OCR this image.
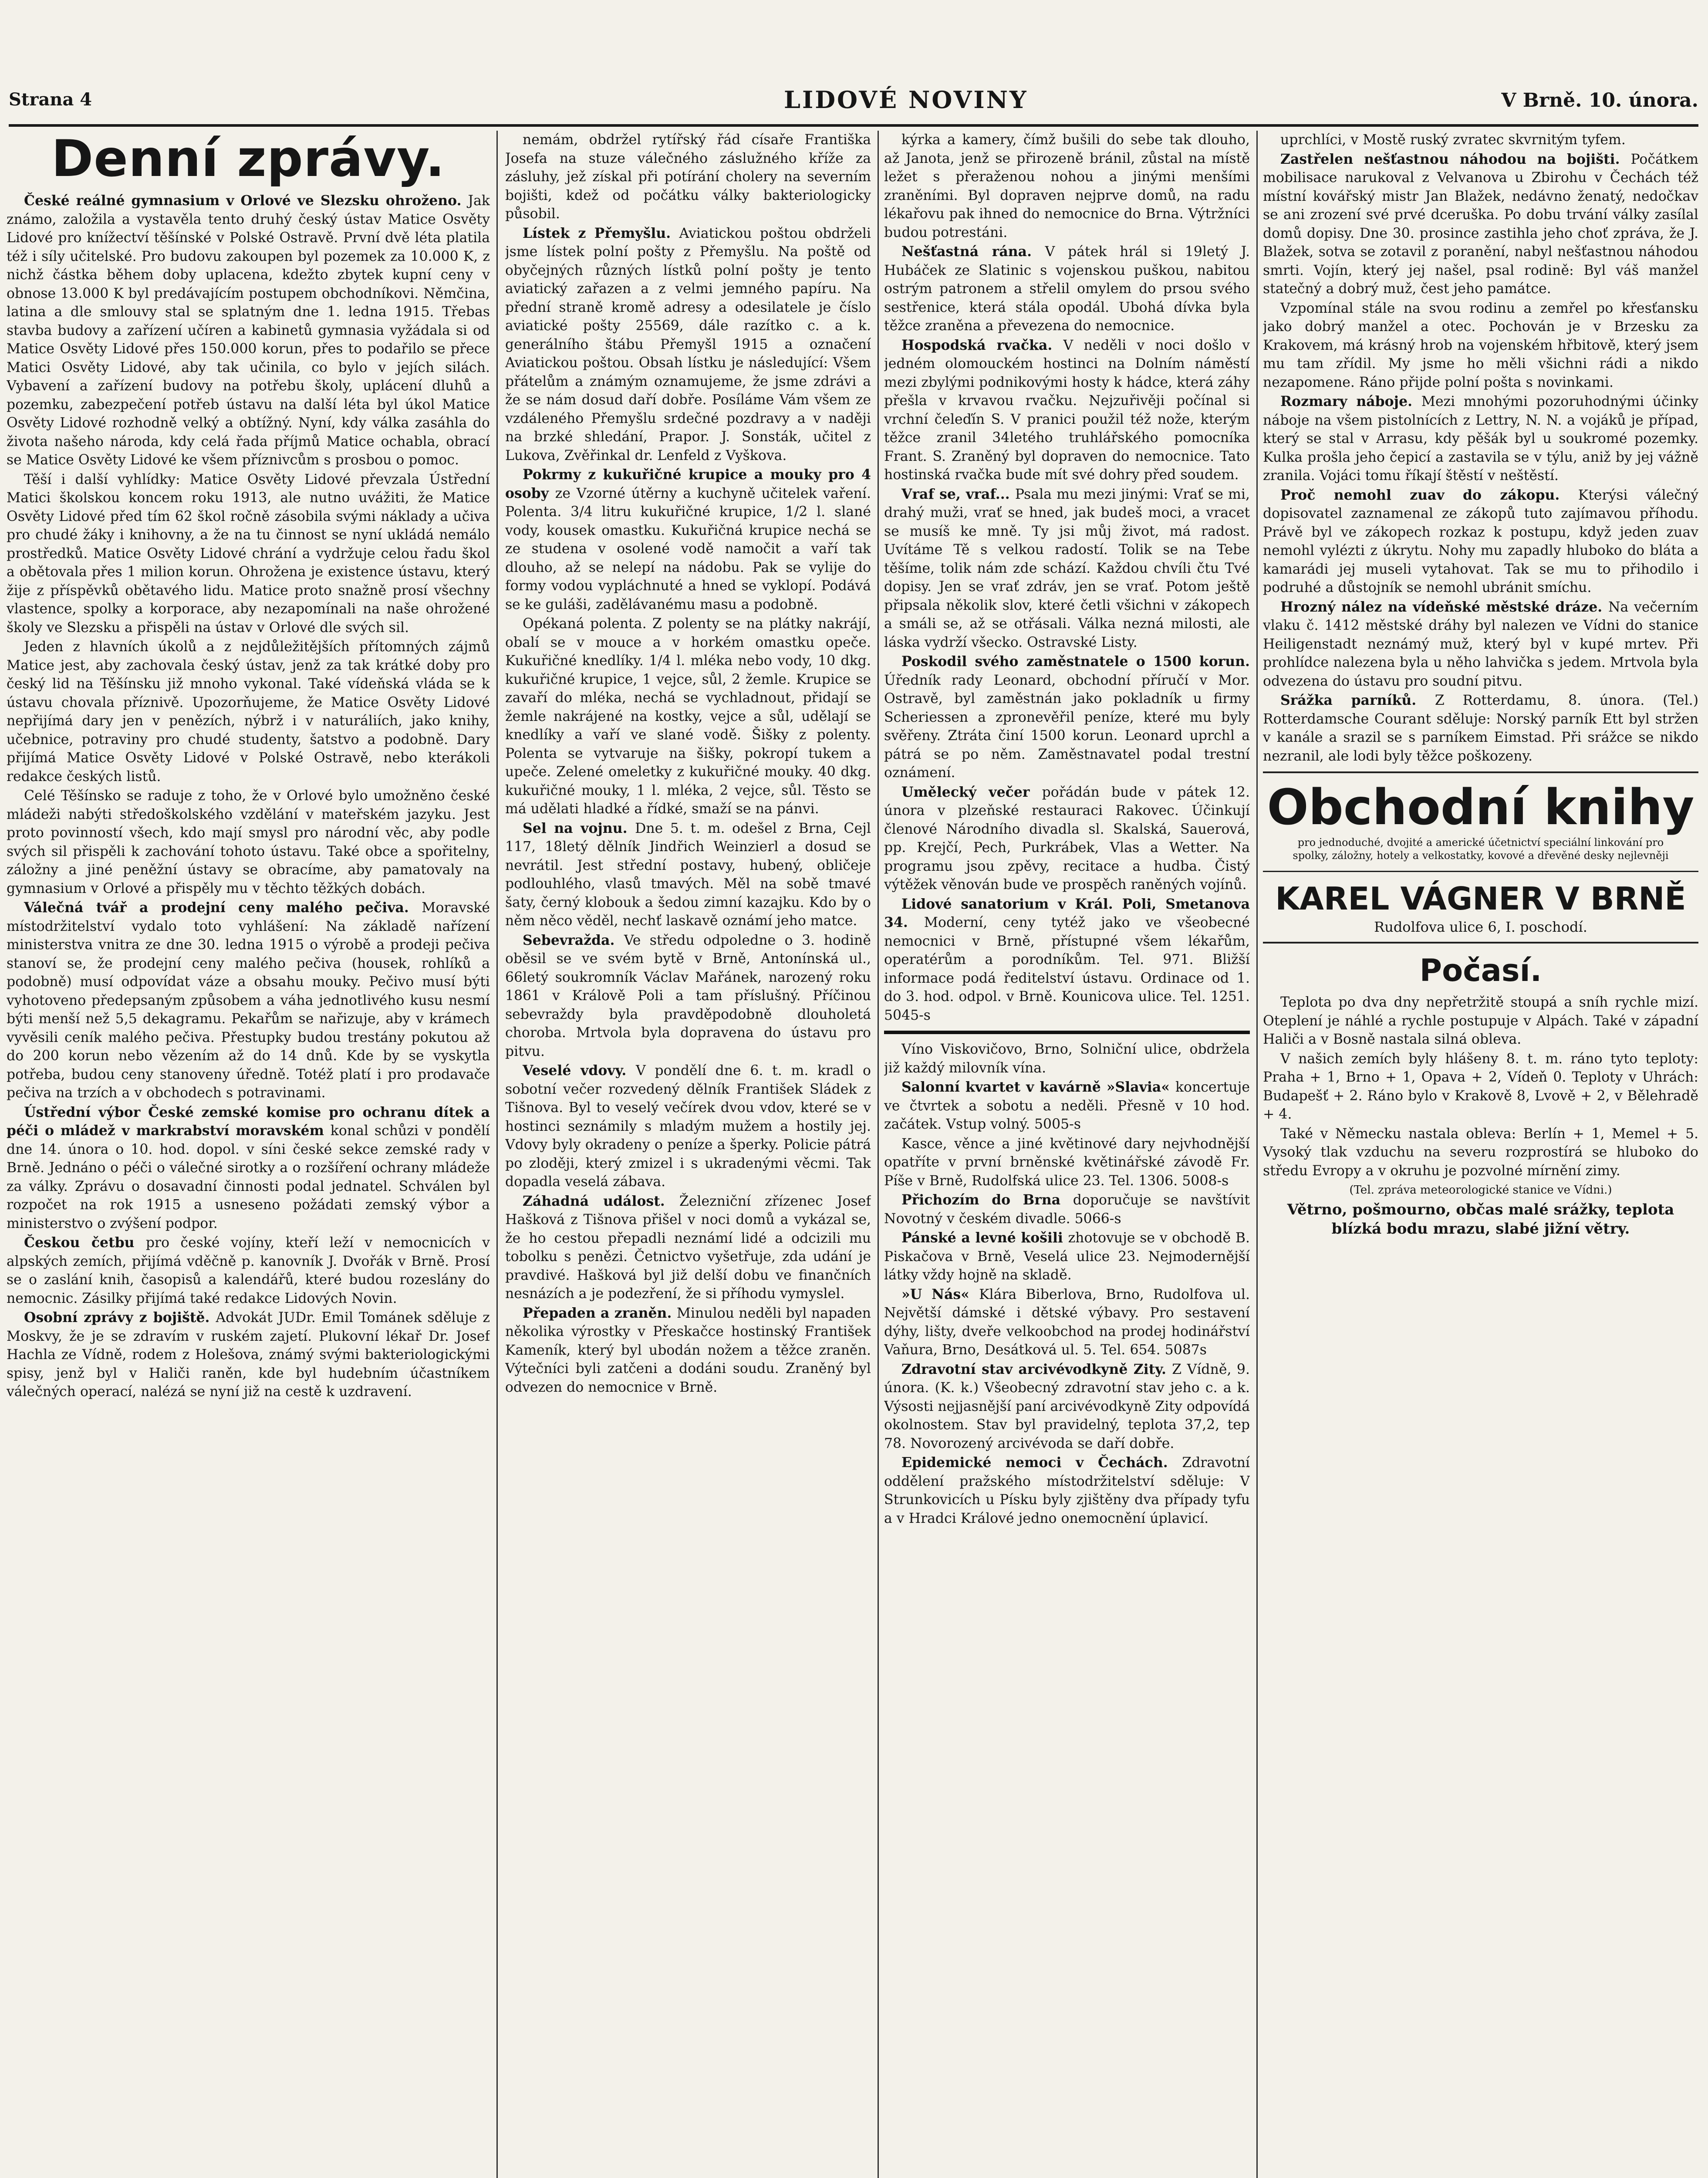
Strana 4	LIDOVÉ NOVINY	V Brně. 10. února.
Denní zprávy.

České reálné gymnasium v Orlové ve Slezsku ohroženo. Jak známo, založila a vystavěla tento druhý český ústav Matice Osvěty Lidové pro knížectví těšínské v Polské Ostravě. První dvě léta platila též i síly učitelské. Pro budovu zakoupen byl pozemek za 10.000 K, z nichž částka během doby uplacena, kdežto zbytek kupní ceny v obnose 13.000 K byl predávajícím postupem obchodníkovi. Němčina, latina a dle smlouvy stal se splatným dne 1. ledna 1915. Třebas stavba budovy a zařízení učíren a kabinetů gymnasia vyžádala si od Matice Osvěty Lidové přes 150.000 korun, přes to podařilo se přece Matici Osvěty Lidové, aby tak učinila, co bylo v jejích silách. Vybavení a zařízení budovy na potřebu školy, uplácení dluhů a pozemku, zabezpečení potřeb ústavu na další léta byl úkol Matice Osvěty Lidové rozhodně velký a obtížný. Nyní, kdy válka zasáhla do života našeho národa, kdy celá řada příjmů Matice ochabla, obrací se Matice Osvěty Lidové ke všem příznivcům s prosbou o pomoc.

Těší i další vyhlídky: Matice Osvěty Lidové převzala Ústřední Matici školskou koncem roku 1913, ale nutno uvážiti, že Matice Osvěty Lidové před tím 62 škol ročně zásobila svými náklady a učiva pro chudé žáky i knihovny, a že na tu činnost se nyní ukládá nemálo prostředků. Matice Osvěty Lidové chrání a vydržuje celou řadu škol a obětovala přes 1 milion korun. Ohrožena je existence ústavu, který žije z příspěvků obětavého lidu. Matice proto snažně prosí všechny vlastence, spolky a korporace, aby nezapomínali na naše ohrožené školy ve Slezsku a přispěli na ústav v Orlové dle svých sil.

Jeden z hlavních úkolů a z nejdůležitějších přítomných zájmů Matice jest, aby zachovala český ústav, jenž za tak krátké doby pro český lid na Těšínsku již mnoho vykonal. Také vídeňská vláda se k ústavu chovala příznivě. Upozorňujeme, že Matice Osvěty Lidové nepřijímá dary jen v penězích, nýbrž i v naturáliích, jako knihy, učebnice, potraviny pro chudé studenty, šatstvo a podobně. Dary přijímá Matice Osvěty Lidové v Polské Ostravě, nebo kterákoli redakce českých listů.

Celé Těšínsko se raduje z toho, že v Orlové bylo umožněno české mládeži nabýti středoškolského vzdělání v mateřském jazyku. Jest proto povinností všech, kdo mají smysl pro národní věc, aby podle svých sil přispěli k zachování tohoto ústavu. Také obce a spořitelny, záložny a jiné peněžní ústavy se obracíme, aby pamatovaly na gymnasium v Orlové a přispěly mu v těchto těžkých dobách.

Válečná tvář a prodejní ceny malého pečiva. Moravské místodržitelství vydalo toto vyhlášení: Na základě nařízení ministerstva vnitra ze dne 30. ledna 1915 o výrobě a prodeji pečiva stanoví se, že prodejní ceny malého pečiva (housek, rohlíků a podobně) musí odpovídat váze a obsahu mouky. Pečivo musí býti vyhotoveno předepsaným způsobem a váha jednotlivého kusu nesmí býti menší než 5,5 dekagramu. Pekařům se nařizuje, aby v krámech vyvěsili ceník malého pečiva. Přestupky budou trestány pokutou až do 200 korun nebo vězením až do 14 dnů. Kde by se vyskytla potřeba, budou ceny stanoveny úředně. Totéž platí i pro prodavače pečiva na trzích a v obchodech s potravinami.

Ústřední výbor České zemské komise pro ochranu dítek a péči o mládež v markrabství moravském konal schůzi v pondělí dne 14. února o 10. hod. dopol. v síni české sekce zemské rady v Brně. Jednáno o péči o válečné sirotky a o rozšíření ochrany mládeže za války. Zprávu o dosavadní činnosti podal jednatel. Schválen byl rozpočet na rok 1915 a usneseno požádati zemský výbor a ministerstvo o zvýšení podpor.

Českou četbu pro české vojíny, kteří leží v nemocnicích v alpských zemích, přijímá vděčně p. kanovník J. Dvořák v Brně. Prosí se o zaslání knih, časopisů a kalendářů, které budou rozeslány do nemocnic. Zásilky přijímá také redakce Lidových Novin.

Osobní zprávy z bojiště. Advokát JUDr. Emil Tománek sděluje z Moskvy, že je se zdravím v ruském zajetí. Plukovní lékař Dr. Josef Hachla ze Vídně, rodem z Holešova, známý svými bakteriologickými spisy, jenž byl v Haliči raněn, kde byl hudebním účastníkem válečných operací, nalézá se nyní již na cestě k uzdravení.

nemám, obdržel rytířský řád císaře Františka Josefa na stuze válečného záslužného kříže za zásluhy, jež získal při potírání cholery na severním bojišti, kdež od počátku války bakteriologicky působil.

Lístek z Přemyšlu. Aviatickou poštou obdrželi jsme lístek polní pošty z Přemyšlu. Na poště od obyčejných různých lístků polní pošty je tento aviatický zařazen a z velmi jemného papíru. Na přední straně kromě adresy a odesilatele je číslo aviatické pošty 25569, dále razítko c. a k. generálního štábu Přemyšl 1915 a označení Aviatickou poštou. Obsah lístku je následující: Všem přátelům a známým oznamujeme, že jsme zdrávi a že se nám dosud daří dobře. Posíláme Vám všem ze vzdáleného Přemyšlu srdečné pozdravy a v naději na brzké shledání, Prapor. J. Sonsták, učitel z Lukova, Zvěřinkal dr. Lenfeld z Vyškova.

Pokrmy z kukuřičné krupice a mouky pro 4 osoby ze Vzorné útěrny a kuchyně učitelek vaření. Polenta. 3/4 litru kukuřičné krupice, 1/2 l. slané vody, kousek omastku. Kukuřičná krupice nechá se ze studena v osolené vodě namočit a vaří tak dlouho, až se nelepí na nádobu. Pak se vylije do formy vodou vypláchnuté a hned se vyklopí. Podává se ke guláši, zadělávanému masu a podobně.

Opékaná polenta. Z polenty se na plátky nakrájí, obalí se v mouce a v horkém omastku opeče. Kukuřičné knedlíky. 1/4 l. mléka nebo vody, 10 dkg. kukuřičné krupice, 1 vejce, sůl, 2 žemle. Krupice se zavaří do mléka, nechá se vychladnout, přidají se žemle nakrájené na kostky, vejce a sůl, udělají se knedlíky a vaří ve slané vodě. Šišky z polenty. Polenta se vytvaruje na šišky, pokropí tukem a upeče. Zelené omeletky z kukuřičné mouky. 40 dkg. kukuřičné mouky, 1 l. mléka, 2 vejce, sůl. Těsto se má udělati hladké a řídké, smaží se na pánvi.

Sel na vojnu. Dne 5. t. m. odešel z Brna, Cejl 117, 18letý dělník Jindřich Weinzierl a dosud se nevrátil. Jest střední postavy, hubený, obličeje podlouhlého, vlasů tmavých. Měl na sobě tmavé šaty, černý klobouk a šedou zimní kazajku. Kdo by o něm něco věděl, nechť laskavě oznámí jeho matce.

Sebevražda. Ve středu odpoledne o 3. hodině oběsil se ve svém bytě v Brně, Antonínská ul., 66letý soukromník Václav Mařánek, narozený roku 1861 v Králově Poli a tam příslušný. Příčinou sebevraždy byla pravděpodobně dlouholetá choroba. Mrtvola byla dopravena do ústavu pro pitvu.

Veselé vdovy. V pondělí dne 6. t. m. kradl o sobotní večer rozvedený dělník František Sládek z Tišnova. Byl to veselý večírek dvou vdov, které se v hostinci seznámily s mladým mužem a hostily jej. Vdovy byly okradeny o peníze a šperky. Policie pátrá po zloději, který zmizel i s ukradenými věcmi. Tak dopadla veselá zábava.

Záhadná událost. Železniční zřízenec Josef Hašková z Tišnova přišel v noci domů a vykázal se, že ho cestou přepadli neznámí lidé a odcizili mu tobolku s penězi. Četnictvo vyšetřuje, zda udání je pravdivé. Hašková byl již delší dobu ve finančních nesnázích a je podezření, že si příhodu vymyslel.

Přepaden a zraněn. Minulou neděli byl napaden několika výrostky v Přeskačce hostinský František Kameník, který byl ubodán nožem a těžce zraněn. Výtečníci byli zatčeni a dodáni soudu. Zraněný byl odvezen do nemocnice v Brně.

kýrka a kamery, čímž bušili do sebe tak dlouho, až Janota, jenž se přirozeně bránil, zůstal na místě ležet s přeraženou nohou a jinými menšími zraněními. Byl dopraven nejprve domů, na radu lékařovu pak ihned do nemocnice do Brna. Výtržníci budou potrestáni.

Nešťastná rána. V pátek hrál si 19letý J. Hubáček ze Slatinic s vojenskou puškou, nabitou ostrým patronem a střelil omylem do prsou svého sestřenice, která stála opodál. Ubohá dívka byla těžce zraněna a převezena do nemocnice.

Hospodská rvačka. V neděli v noci došlo v jedném olomouckém hostinci na Dolním náměstí mezi zbylými podnikovými hosty k hádce, která záhy přešla v krvavou rvačku. Nejzuřivěji počínal si vrchní čeleďín S. V pranici použil též nože, kterým těžce zranil 34letého truhlářského pomocníka Frant. S. Zraněný byl dopraven do nemocnice. Tato hostinská rvačka bude mít své dohry před soudem.

Vraf se, vraf... Psala mu mezi jinými: Vrať se mi, drahý muži, vrať se hned, jak budeš moci, a vracet se musíš ke mně. Ty jsi můj život, má radost. Uvítáme Tě s velkou radostí. Tolik se na Tebe těšíme, tolik nám zde schází. Každou chvíli čtu Tvé dopisy. Jen se vrať zdráv, jen se vrať. Potom ještě připsala několik slov, které četli všichni v zákopech a smáli se, až se otřásali. Válka nezná milosti, ale láska vydrží všecko. Ostravské Listy.

Poskodil svého zaměstnatele o 1500 korun. Úředník rady Leonard, obchodní příručí v Mor. Ostravě, byl zaměstnán jako pokladník u firmy Scheriessen a zpronevěřil peníze, které mu byly svěřeny. Ztráta činí 1500 korun. Leonard uprchl a pátrá se po něm. Zaměstnavatel podal trestní oznámení.

Umělecký večer pořádán bude v pátek 12. února v plzeňské restauraci Rakovec. Účinkují členové Národního divadla sl. Skalská, Sauerová, pp. Krejčí, Pech, Purkrábek, Vlas a Wetter. Na programu jsou zpěvy, recitace a hudba. Čistý výtěžek věnován bude ve prospěch raněných vojínů.

Lidové sanatorium v Král. Poli, Smetanova 34. Moderní, ceny tytéž jako ve všeobecné nemocnici v Brně, přístupné všem lékařům, operatérům a porodníkům. Tel. 971. Bližší informace podá ředitelství ústavu. Ordinace od 1. do 3. hod. odpol. v Brně. Kounicova ulice. Tel. 1251. 5045-s

Víno Viskovičovo, Brno, Solniční ulice, obdržela již každý milovník vína.

Salonní kvartet v kavárně »Slavia« koncertuje ve čtvrtek a sobotu a neděli. Přesně v 10 hod. začátek. Vstup volný. 5005-s

Kasce, věnce a jiné květinové dary nejvhodnější opatříte v první brněnské květinářské závodě Fr. Píše v Brně, Rudolfská ulice 23. Tel. 1306. 5008-s

Přichozím do Brna doporučuje se navštívit Novotný v českém divadle. 5066-s

Pánské a levné košili zhotovuje se v obchodě B. Piskačova v Brně, Veselá ulice 23. Nejmodernější látky vždy hojně na skladě.

»U Nás« Klára Biberlova, Brno, Rudolfova ul. Největší dámské i dětské výbavy. Pro sestavení dýhy, lišty, dveře velkoobchod na prodej hodinářství Vaňura, Brno, Desátková ul. 5. Tel. 654. 5087s

Zdravotní stav arcivévodkyně Zity. Z Vídně, 9. února. (K. k.) Všeobecný zdravotní stav jeho c. a k. Výsosti nejjasnější paní arcivévodkyně Zity odpovídá okolnostem. Stav byl pravidelný, teplota 37,2, tep 78. Novorozený arcivévoda se daří dobře.

Epidemické nemoci v Čechách. Zdravotní oddělení pražského místodržitelství sděluje: V Strunkovicích u Písku byly zjištěny dva případy tyfu a v Hradci Králové jedno onemocnění úplavicí.

uprchlíci, v Mostě ruský zvratec skvrnitým tyfem.

Zastřelen nešťastnou náhodou na bojišti. Počátkem mobilisace narukoval z Velvanova u Zbirohu v Čechách též místní kovářský mistr Jan Blažek, nedávno ženatý, nedočkav se ani zrození své prvé dceruška. Po dobu trvání války zasílal domů dopisy. Dne 30. prosince zastihla jeho choť zpráva, že J. Blažek, sotva se zotavil z poranění, nabyl nešťastnou náhodou smrti. Vojín, který jej našel, psal rodině: Byl váš manžel statečný a dobrý muž, čest jeho památce.

Vzpomínal stále na svou rodinu a zemřel po křesťansku jako dobrý manžel a otec. Pochován je v Brzesku za Krakovem, má krásný hrob na vojenském hřbitově, který jsem mu tam zřídil. My jsme ho měli všichni rádi a nikdo nezapomene. Ráno přijde polní pošta s novinkami.

Rozmary náboje. Mezi mnohými pozoruhodnými účinky náboje na všem pistolnících z Lettry, N. N. a vojáků je případ, který se stal v Arrasu, kdy pěšák byl u soukromé pozemky. Kulka prošla jeho čepicí a zastavila se v týlu, aniž by jej vážně zranila. Vojáci tomu říkají štěstí v neštěstí.

Proč nemohl zuav do zákopu. Kterýsi válečný dopisovatel zaznamenal ze zákopů tuto zajímavou příhodu. Právě byl ve zákopech rozkaz k postupu, když jeden zuav nemohl vylézti z úkrytu. Nohy mu zapadly hluboko do bláta a kamarádi jej museli vytahovat. Tak se mu to přihodilo i podruhé a důstojník se nemohl ubránit smíchu.

Hrozný nález na vídeňské městské dráze. Na večerním vlaku č. 1412 městské dráhy byl nalezen ve Vídni do stanice Heiligenstadt neznámý muž, který byl v kupé mrtev. Při prohlídce nalezena byla u něho lahvička s jedem. Mrtvola byla odvezena do ústavu pro soudní pitvu.

Srážka parníků. Z Rotterdamu, 8. února. (Tel.) Rotterdamsche Courant sděluje: Norský parník Ett byl stržen v kanále a srazil se s parníkem Eimstad. Při srážce se nikdo nezranil, ale lodi byly těžce poškozeny.

Obchodní knihy
pro jednoduché, dvojité a americké účetnictví speciální linkování pro spolky, záložny, hotely a velkostatky, kovové a dřevěné desky nejlevněji
KAREL VÁGNER V BRNĚ
Rudolfova ulice 6, I. poschodí.
Počasí.

Teplota po dva dny nepřetržitě stoupá a sníh rychle mizí. Oteplení je náhlé a rychle postupuje v Alpách. Také v západní Haliči a v Bosně nastala silná obleva.

V našich zemích byly hlášeny 8. t. m. ráno tyto teploty: Praha + 1, Brno + 1, Opava + 2, Vídeň 0. Teploty v Uhrách: Budapešť + 2. Ráno bylo v Krakově 8, Lvově + 2, v Bělehradě + 4.

Také v Německu nastala obleva: Berlín + 1, Memel + 5. Vysoký tlak vzduchu na severu rozprostírá se hluboko do středu Evropy a v okruhu je pozvolné mírnění zimy.

(Tel. zpráva meteorologické stanice ve Vídni.)
Větrno, pošmourno, občas malé srážky, teplota blízká bodu mrazu, slabé jižní větry.
